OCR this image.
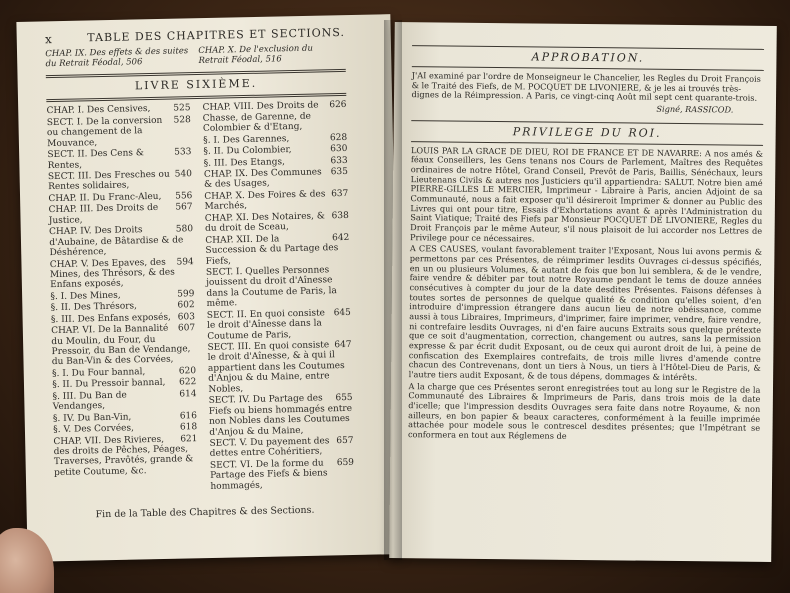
x	TABLE DES CHAPITRES ET SECTIONS.
CHAP. IX. Des effets & des suites du Retrait Féodal, 506
CHAP. X. De l'exclusion du Retrait Féodal, 516
LIVRE SIXIÈME.
525
CHAP. I. Des Censives,
528
SECT. I. De la conversion ou changement de la Mouvance,
533
SECT. II. Des Cens & Rentes,
540
SECT. III. Des Fresches ou Rentes solidaires,
556
CHAP. II. Du Franc-Aleu,
567
CHAP. III. Des Droits de Justice,
580
CHAP. IV. Des Droits d'Aubaine, de Bâtardise & de Déshérence,
594
CHAP. V. Des Epaves, des Mines, des Thrésors, & des Enfans exposés,
599
§. I. Des Mines,
602
§. II. Des Thrésors,
603
§. III. Des Enfans exposés,
607
CHAP. VI. De la Bannalité du Moulin, du Four, du Pressoir, du Ban de Vendange, du Ban-Vin & des Corvées,
620
§. I. Du Four bannal,
622
§. II. Du Pressoir bannal,
614
§. III. Du Ban de Vendanges,
616
§. IV. Du Ban-Vin,
618
§. V. Des Corvées,
621
CHAP. VII. Des Rivieres, des droits de Pêches, Péages, Traverses, Pravôtés, grande & petite Coutume, &c.
626
CHAP. VIII. Des Droits de Chasse, de Garenne, de Colombier & d'Etang,
628
§. I. Des Garennes,
630
§. II. Du Colombier,
633
§. III. Des Etangs,
635
CHAP. IX. Des Communes & des Usages,
637
CHAP. X. Des Foires & des Marchés,
638
CHAP. XI. Des Notaires, & du droit de Sceau,
642
CHAP. XII. De la Succession & du Partage des Fiefs,
SECT. I. Quelles Personnes jouissent du droit d'Aînesse dans la Coutume de Paris, la même.
645
SECT. II. En quoi consiste le droit d'Aînesse dans la Coutume de Paris,
647
SECT. III. En quoi consiste le droit d'Aînesse, & à qui il appartient dans les Coutumes d'Anjou & du Maine, entre Nobles,
655
SECT. IV. Du Partage des Fiefs ou biens hommagés entre non Nobles dans les Coutumes d'Anjou & du Maine,
657
SECT. V. Du payement des dettes entre Cohéritiers,
659
SECT. VI. De la forme du Partage des Fiefs & biens hommagés,
Fin de la Table des Chapitres & des Sections.
APPROBATION.

J'AI examiné par l'ordre de Monseigneur le Chancelier, les Regles du Droit François & le Traité des Fiefs, de M. POCQUET DE LIVONIERE, & je les ai trouvés très-dignes de la Réimpression. A Paris, ce vingt-cinq Août mil sept cent quarante-trois.

Signé, RASSICOD.
PRIVILEGE DU ROI.

LOUIS PAR LA GRACE DE DIEU, ROI DE FRANCE ET DE NAVARRE: A nos amés & féaux Conseillers, les Gens tenans nos Cours de Parlement, Maîtres des Requêtes ordinaires de notre Hôtel, Grand Conseil, Prevôt de Paris, Baillis, Sénéchaux, leurs Lieutenans Civils & autres nos Justiciers qu'il appartiendra: SALUT. Notre bien amé PIERRE-GILLES LE MERCIER, Imprimeur - Libraire à Paris, ancien Adjoint de sa Communauté, nous a fait exposer qu'il désireroit Imprimer & donner au Public des Livres qui ont pour titre, Essais d'Exhortations avant & après l'Administration du Saint Viatique; Traité des Fiefs par Monsieur POCQUET DE LIVONIERE, Regles du Droit François par le même Auteur, s'il nous plaisoit de lui accorder nos Lettres de Privilege pour ce nécessaires.

A CES CAUSES, voulant favorablement traiter l'Exposant, Nous lui avons permis & permettons par ces Présentes, de réimprimer lesdits Ouvrages ci-dessus spécifiés, en un ou plusieurs Volumes, & autant de fois que bon lui semblera, & de le vendre, faire vendre & débiter par tout notre Royaume pendant le tems de douze années consécutives à compter du jour de la date desdites Présentes. Faisons défenses à toutes sortes de personnes de quelque qualité & condition qu'elles soient, d'en introduire d'impression étrangere dans aucun lieu de notre obéissance, comme aussi à tous Libraires, Imprimeurs, d'imprimer, faire imprimer, vendre, faire vendre, ni contrefaire lesdits Ouvrages, ni d'en faire aucuns Extraits sous quelque prétexte que ce soit d'augmentation, correction, changement ou autres, sans la permission expresse & par écrit dudit Exposant, ou de ceux qui auront droit de lui, à peine de confiscation des Exemplaires contrefaits, de trois mille livres d'amende contre chacun des Contrevenans, dont un tiers à Nous, un tiers à l'Hôtel-Dieu de Paris, & l'autre tiers audit Exposant, & de tous dépens, dommages & intérêts.

A la charge que ces Présentes seront enregistrées tout au long sur le Registre de la Communauté des Libraires & Imprimeurs de Paris, dans trois mois de la date d'icelle; que l'impression desdits Ouvrages sera faite dans notre Royaume, & non ailleurs, en bon papier & beaux caracteres, conformément à la feuille imprimée attachée pour modele sous le contrescel desdites présentes; que l'Impétrant se conformera en tout aux Réglemens de
